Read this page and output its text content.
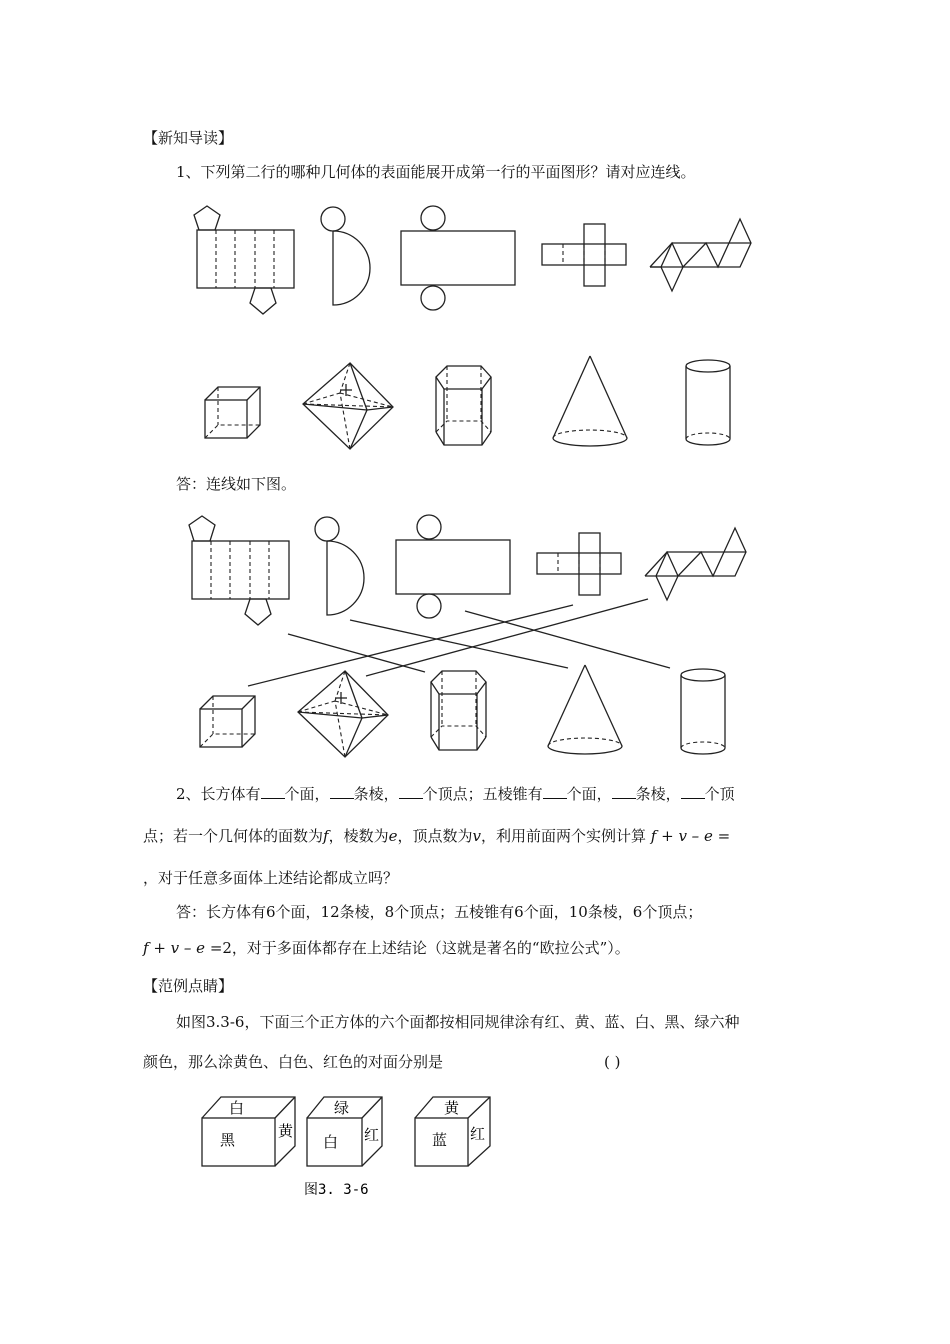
【新知导读】
1、下列第二行的哪种几何体的表面能展开成第一行的平面图形？请对应连线。
答：连线如下图。
2、长方体有 个面， 条棱， 个顶点；五棱锥有 个面， 条棱， 个顶
点；若一个几何体的面数为f，棱数为e，顶点数为v，利用前面两个实例计算 f + v – e =
，对于任意多面体上述结论都成立吗？
答：长方体有6个面，12条棱，8个顶点；五棱锥有6个面，10条棱，6个顶点；
f + v – e =2，对于多面体都存在上述结论（这就是著名的“欧拉公式”）。
【范例点睛】
如图3.3-6，下面三个正方体的六个面都按相同规律涂有红、黄、蓝、白、黑、绿六种
颜色，那么涂黄色、白色、红色的对面分别是	( )
白
黑	黄
绿
白 红
黄
蓝 红
图3. 3-6
